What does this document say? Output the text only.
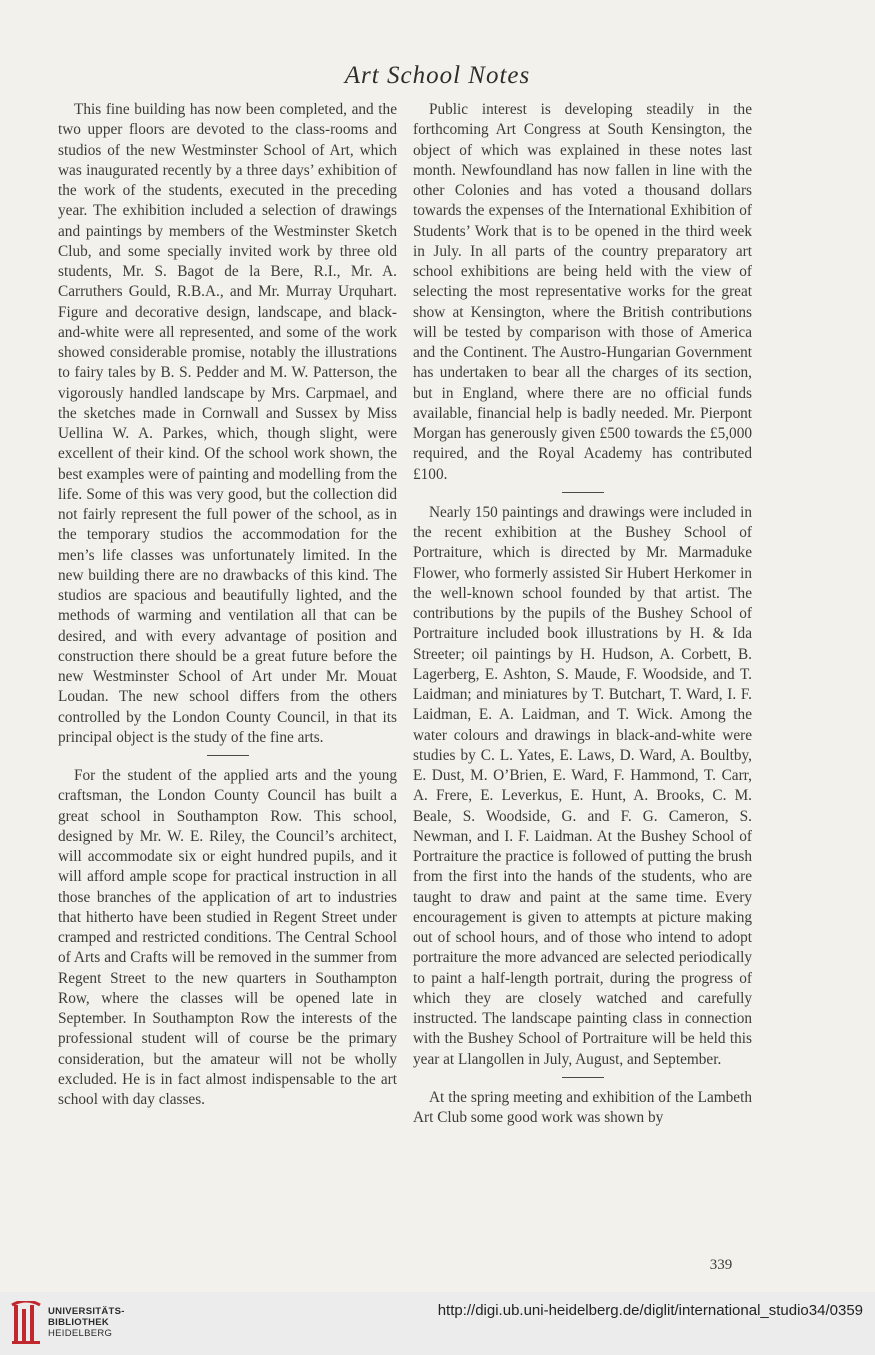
Art School Notes

This fine building has now been completed, and the two upper floors are devoted to the class-rooms and studios of the new Westminster School of Art, which was inaugurated recently by a three days’ exhibition of the work of the students, executed in the preceding year. The exhibition included a selection of drawings and paintings by members of the Westminster Sketch Club, and some specially invited work by three old students, Mr. S. Bagot de la Bere, R.I., Mr. A. Carruthers Gould, R.B.A., and Mr. Murray Urquhart. Figure and decorative design, landscape, and black-and-white were all represented, and some of the work showed considerable promise, notably the illustrations to fairy tales by B. S. Pedder and M. W. Patterson, the vigorously handled landscape by Mrs. Carpmael, and the sketches made in Cornwall and Sussex by Miss Uellina W. A. Parkes, which, though slight, were excellent of their kind. Of the school work shown, the best examples were of painting and modelling from the life. Some of this was very good, but the collection did not fairly represent the full power of the school, as in the temporary studios the accommodation for the men’s life classes was unfortunately limited. In the new building there are no drawbacks of this kind. The studios are spacious and beautifully lighted, and the methods of warming and ventilation all that can be desired, and with every advantage of position and construction there should be a great future before the new Westminster School of Art under Mr. Mouat Loudan. The new school differs from the others controlled by the London County Council, in that its principal object is the study of the fine arts.

For the student of the applied arts and the young craftsman, the London County Council has built a great school in Southampton Row. This school, designed by Mr. W. E. Riley, the Council’s architect, will accommodate six or eight hundred pupils, and it will afford ample scope for practical instruction in all those branches of the application of art to industries that hitherto have been studied in Regent Street under cramped and restricted conditions. The Central School of Arts and Crafts will be removed in the summer from Regent Street to the new quarters in Southampton Row, where the classes will be opened late in September. In Southampton Row the interests of the professional student will of course be the primary consideration, but the amateur will not be wholly excluded. He is in fact almost indispensable to the art school with day classes.

Public interest is developing steadily in the forthcoming Art Congress at South Kensington, the object of which was explained in these notes last month. Newfoundland has now fallen in line with the other Colonies and has voted a thousand dollars towards the expenses of the International Exhibition of Students’ Work that is to be opened in the third week in July. In all parts of the country preparatory art school exhibitions are being held with the view of selecting the most representative works for the great show at Kensington, where the British contributions will be tested by comparison with those of America and the Continent. The Austro-Hungarian Government has undertaken to bear all the charges of its section, but in England, where there are no official funds available, financial help is badly needed. Mr. Pierpont Morgan has generously given £500 towards the £5,000 required, and the Royal Academy has contributed £100.

Nearly 150 paintings and drawings were included in the recent exhibition at the Bushey School of Portraiture, which is directed by Mr. Marmaduke Flower, who formerly assisted Sir Hubert Herkomer in the well-known school founded by that artist. The contributions by the pupils of the Bushey School of Portraiture included book illustrations by H. & Ida Streeter; oil paintings by H. Hudson, A. Corbett, B. Lagerberg, E. Ashton, S. Maude, F. Woodside, and T. Laidman; and miniatures by T. Butchart, T. Ward, I. F. Laidman, E. A. Laidman, and T. Wick. Among the water colours and drawings in black-and-white were studies by C. L. Yates, E. Laws, D. Ward, A. Boultby, E. Dust, M. O’Brien, E. Ward, F. Hammond, T. Carr, A. Frere, E. Leverkus, E. Hunt, A. Brooks, C. M. Beale, S. Woodside, G. and F. G. Cameron, S. Newman, and I. F. Laidman. At the Bushey School of Portraiture the practice is followed of putting the brush from the first into the hands of the students, who are taught to draw and paint at the same time. Every encouragement is given to attempts at picture making out of school hours, and of those who intend to adopt portraiture the more advanced are selected periodically to paint a half-length portrait, during the progress of which they are closely watched and carefully instructed. The landscape painting class in connection with the Bushey School of Portraiture will be held this year at Llangollen in July, August, and September.

At the spring meeting and exhibition of the Lambeth Art Club some good work was shown by

339
UNIVERSITÄTS-
BIBLIOTHEK
HEIDELBERG
http://digi.ub.uni-heidelberg.de/diglit/international_studio34/0359
